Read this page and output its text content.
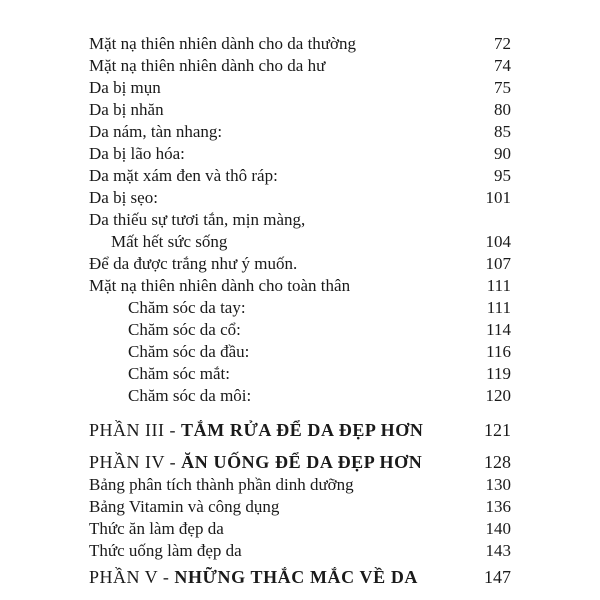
Mặt nạ thiên nhiên dành cho da thường	72
Mặt nạ thiên nhiên dành cho da hư	74
Da bị mụn	75
Da bị nhăn	80
Da nám, tàn nhang:	85
Da bị lão hóa:	90
Da mặt xám đen và thô ráp:	95
Da bị sẹo:	101
Da thiếu sự tươi tắn, mịn màng,
Mất hết sức sống	104
Để da được trắng như ý muốn.	107
Mặt nạ thiên nhiên dành cho toàn thân	111
Chăm sóc da tay:	111
Chăm sóc da cổ:	114
Chăm sóc da đầu:	116
Chăm sóc mắt:	119
Chăm sóc da môi:	120
PHẦN III - TẮM RỬA ĐỂ DA ĐẸP HƠN	121
PHẦN IV - ĂN UỐNG ĐỂ DA ĐẸP HƠN	128
Bảng phân tích thành phần dinh dưỡng	130
Bảng Vitamin và công dụng	136
Thức ăn làm đẹp da	140
Thức uống làm đẹp da	143
PHẦN V - NHỮNG THẮC MẮC VỀ DA	147
